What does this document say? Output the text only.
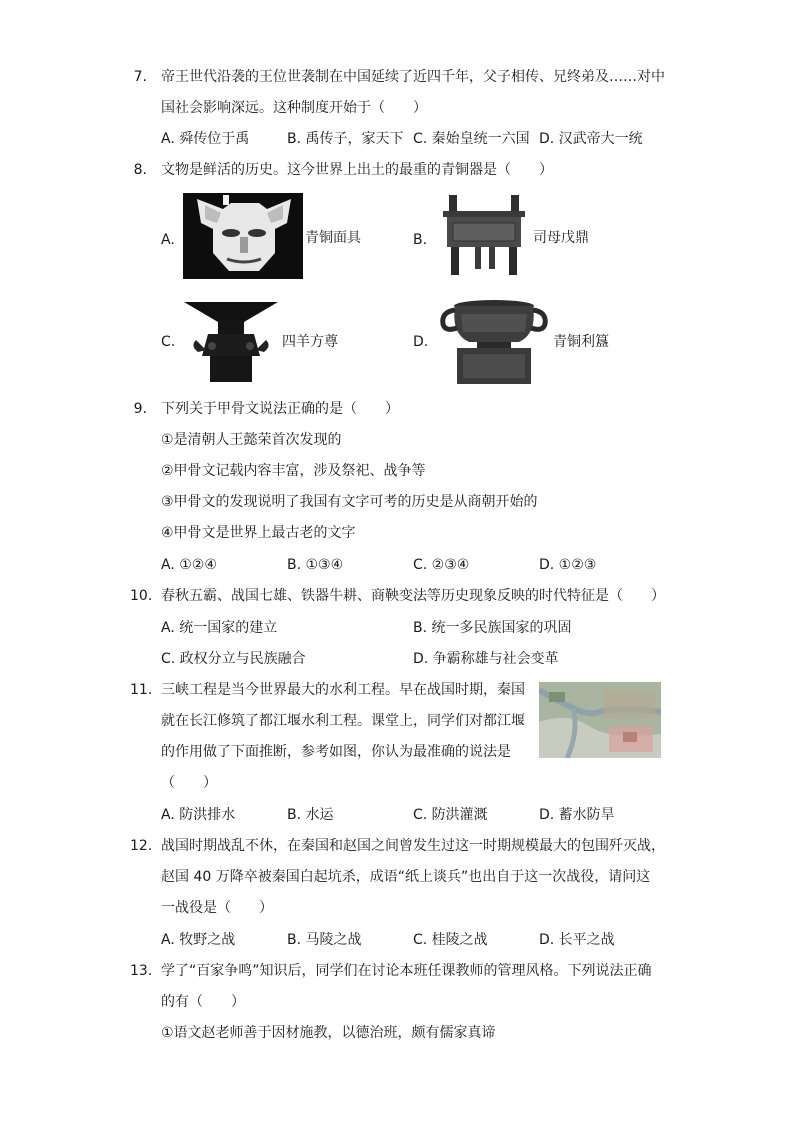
7. 帝王世代沿袭的王位世袭制在中国延续了近四千年，父子相传、兄终弟及……对中
国社会影响深远。这种制度开始于（　　）
A. 舜传位于禹	B. 禹传子，家天下 C. 秦始皇统一六国 D. 汉武帝大一统
8. 文物是鲜活的历史。这今世界上出土的最重的青铜器是（　　）
A.	青铜面具	B.	司母戊鼎
C.	四羊方尊	D.	青铜利簋
9. 下列关于甲骨文说法正确的是（　　）
①是清朝人王懿荣首次发现的
②甲骨文记载内容丰富，涉及祭祀、战争等
③甲骨文的发现说明了我国有文字可考的历史是从商朝开始的
④甲骨文是世界上最古老的文字
A. ①②④	B. ①③④	C. ②③④	D. ①②③
10. 春秋五霸、战国七雄、铁器牛耕、商鞅变法等历史现象反映的时代特征是（　　）
A. 统一国家的建立	B. 统一多民族国家的巩固
C. 政权分立与民族融合	D. 争霸称雄与社会变革
11. 三峡工程是当今世界最大的水利工程。早在战国时期，秦国
就在长江修筑了都江堰水利工程。课堂上，同学们对都江堰
的作用做了下面推断，参考如图，你认为最准确的说法是
（　　）
A. 防洪排水	B. 水运	C. 防洪灌溉	D. 蓄水防旱
12. 战国时期战乱不休，在秦国和赵国之间曾发生过这一时期规模最大的包围歼灭战，
赵国 40 万降卒被秦国白起坑杀，成语“纸上谈兵”也出自于这一次战役，请问这
一战役是（　　）
A. 牧野之战	B. 马陵之战	C. 桂陵之战	D. 长平之战
13. 学了“百家争鸣”知识后，同学们在讨论本班任课教师的管理风格。下列说法正确
的有（　　）
①语文赵老师善于因材施教，以德治班，颇有儒家真谛
